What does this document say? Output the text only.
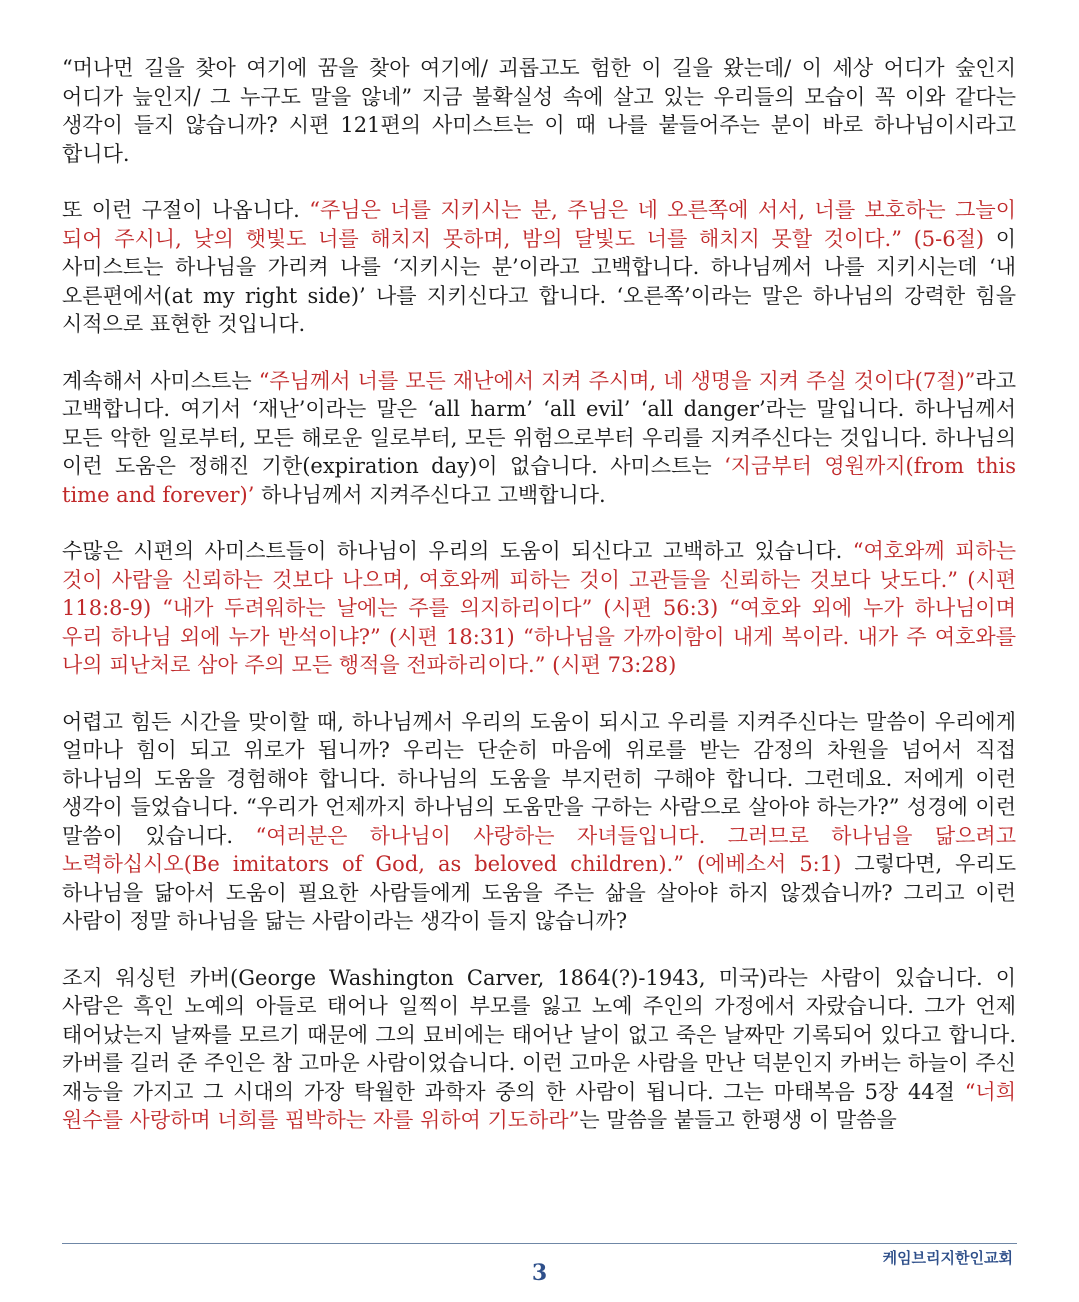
“머나먼 길을 찾아 여기에 꿈을 찾아 여기에/ 괴롭고도 험한 이 길을 왔는데/ 이 세상 어디가 숲인지 어디가 늪인지/ 그 누구도 말을 않네” 지금 불확실성 속에 살고 있는 우리들의 모습이 꼭 이와 같다는 생각이 들지 않습니까? 시편 121편의 사미스트는 이 때 나를 붙들어주는 분이 바로 하나님이시라고 합니다.

또 이런 구절이 나옵니다. “주님은 너를 지키시는 분, 주님은 네 오른쪽에 서서, 너를 보호하는 그늘이 되어 주시니, 낮의 햇빛도 너를 해치지 못하며, 밤의 달빛도 너를 해치지 못할 것이다.” (5-6절) 이 사미스트는 하나님을 가리켜 나를 ‘지키시는 분’이라고 고백합니다. 하나님께서 나를 지키시는데 ‘내 오른편에서(at my right side)’ 나를 지키신다고 합니다. ‘오른쪽’이라는 말은 하나님의 강력한 힘을 시적으로 표현한 것입니다.

계속해서 사미스트는 “주님께서 너를 모든 재난에서 지켜 주시며, 네 생명을 지켜 주실 것이다(7절)”라고 고백합니다. 여기서 ‘재난’이라는 말은 ‘all harm’ ‘all evil’ ‘all danger’라는 말입니다. 하나님께서 모든 악한 일로부터, 모든 해로운 일로부터, 모든 위험으로부터 우리를 지켜주신다는 것입니다. 하나님의 이런 도움은 정해진 기한(expiration day)이 없습니다. 사미스트는 ‘지금부터 영원까지(from this time and forever)’ 하나님께서 지켜주신다고 고백합니다.

수많은 시편의 사미스트들이 하나님이 우리의 도움이 되신다고 고백하고 있습니다. “여호와께 피하는 것이 사람을 신뢰하는 것보다 나으며, 여호와께 피하는 것이 고관들을 신뢰하는 것보다 낫도다.” (시편 118:8-9) “내가 두려워하는 날에는 주를 의지하리이다” (시편 56:3) “여호와 외에 누가 하나님이며 우리 하나님 외에 누가 반석이냐?” (시편 18:31) “하나님을 가까이함이 내게 복이라. 내가 주 여호와를 나의 피난처로 삼아 주의 모든 행적을 전파하리이다.” (시편 73:28)

어렵고 힘든 시간을 맞이할 때, 하나님께서 우리의 도움이 되시고 우리를 지켜주신다는 말씀이 우리에게 얼마나 힘이 되고 위로가 됩니까? 우리는 단순히 마음에 위로를 받는 감정의 차원을 넘어서 직접 하나님의 도움을 경험해야 합니다. 하나님의 도움을 부지런히 구해야 합니다. 그런데요. 저에게 이런 생각이 들었습니다. “우리가 언제까지 하나님의 도움만을 구하는 사람으로 살아야 하는가?” 성경에 이런 말씀이 있습니다. “여러분은 하나님이 사랑하는 자녀들입니다. 그러므로 하나님을 닮으려고 노력하십시오(Be imitators of God, as beloved children).” (에베소서 5:1) 그렇다면, 우리도 하나님을 닮아서 도움이 필요한 사람들에게 도움을 주는 삶을 살아야 하지 않겠습니까? 그리고 이런 사람이 정말 하나님을 닮는 사람이라는 생각이 들지 않습니까?

조지 워싱턴 카버(George Washington Carver, 1864(?)-1943, 미국)라는 사람이 있습니다. 이 사람은 흑인 노예의 아들로 태어나 일찍이 부모를 잃고 노예 주인의 가정에서 자랐습니다. 그가 언제 태어났는지 날짜를 모르기 때문에 그의 묘비에는 태어난 날이 없고 죽은 날짜만 기록되어 있다고 합니다. 카버를 길러 준 주인은 참 고마운 사람이었습니다. 이런 고마운 사람을 만난 덕분인지 카버는 하늘이 주신 재능을 가지고 그 시대의 가장 탁월한 과학자 중의 한 사람이 됩니다. 그는 마태복음 5장 44절 “너희 원수를 사랑하며 너희를 핍박하는 자를 위하여 기도하라”는 말씀을 붙들고 한평생 이 말씀을

케임브리지한인교회
3
